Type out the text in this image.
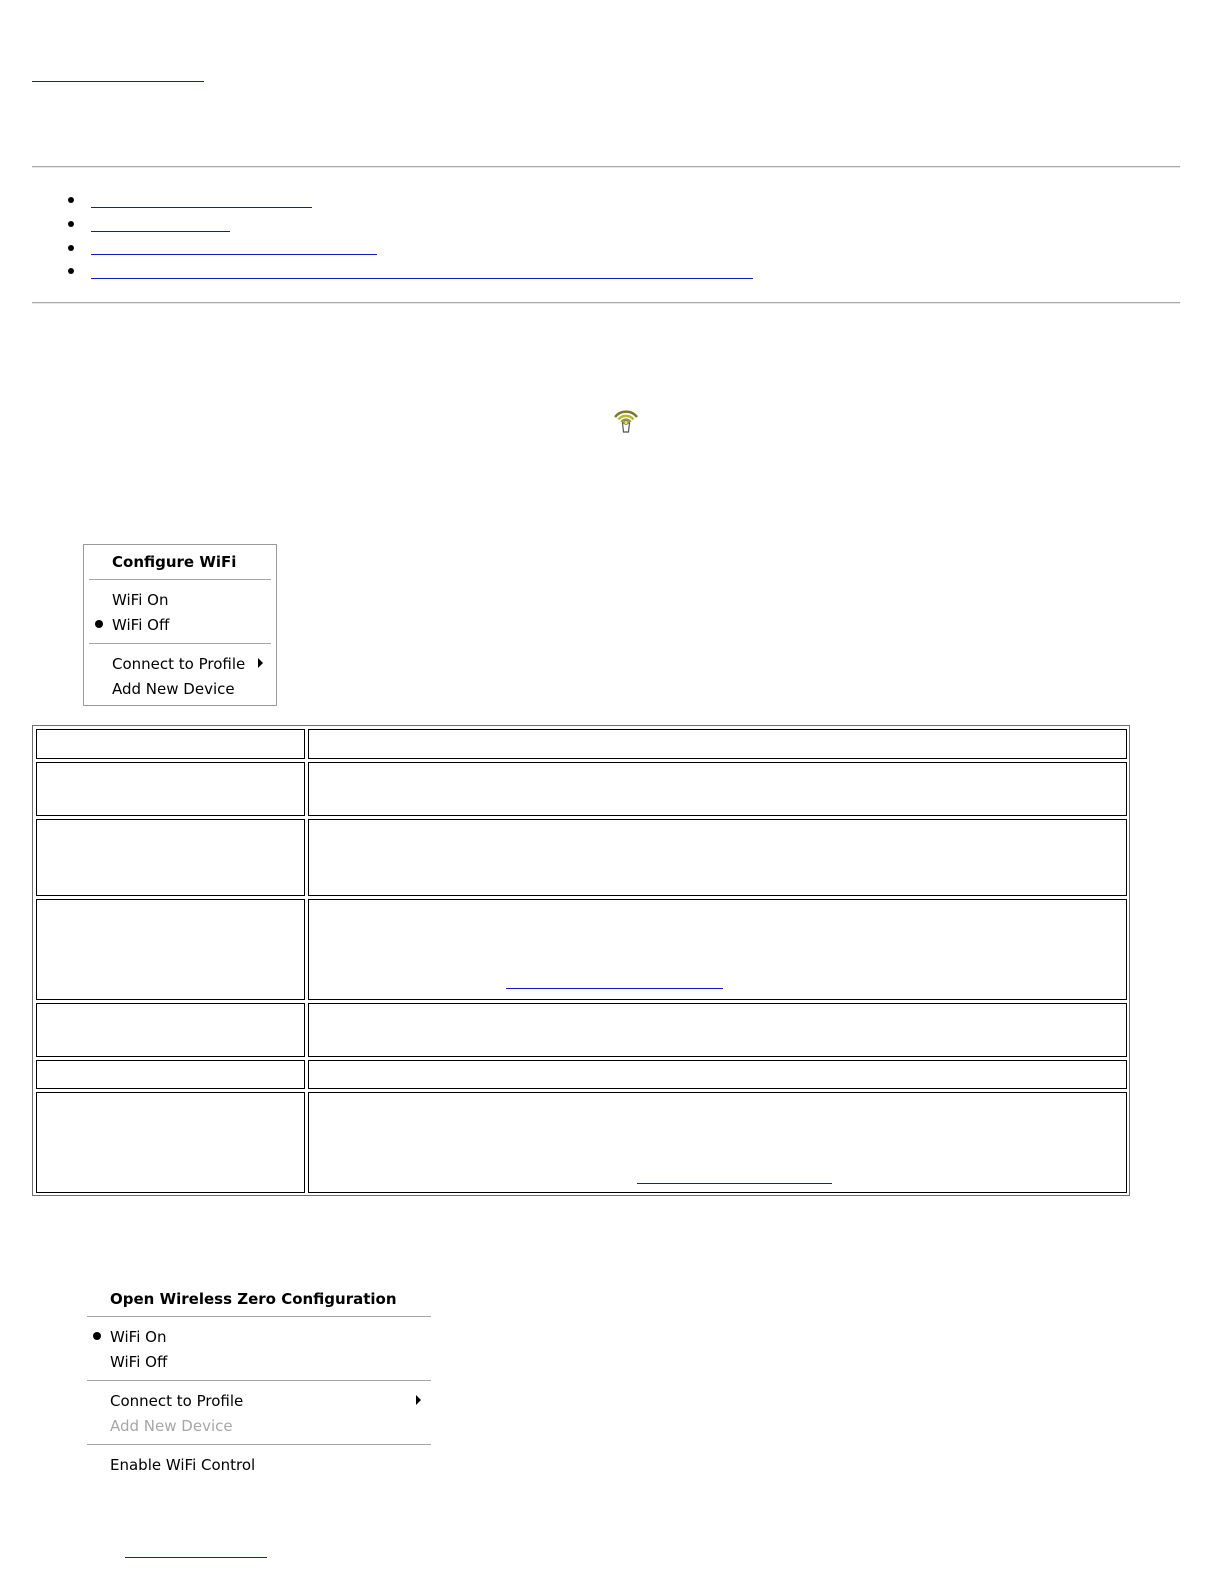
Configure WiFi
WiFi On
WiFi Off
Connect to Profile
Add New Device
Open Wireless Zero Configuration
WiFi On
WiFi Off
Connect to Profile
Add New Device
Enable WiFi Control
